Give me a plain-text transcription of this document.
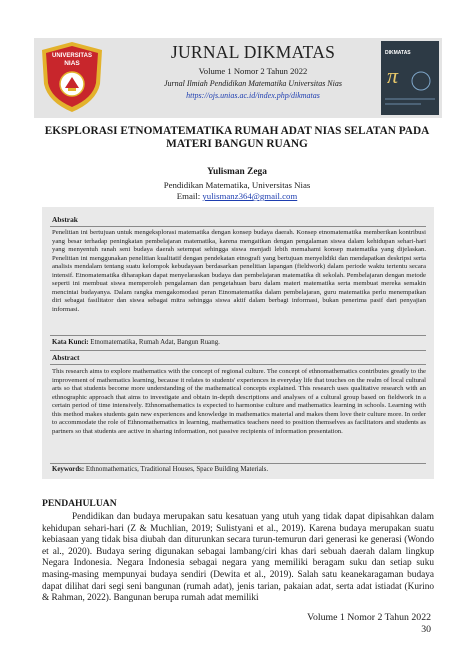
UNIVERSITAS
NIAS
JURNAL DIKMATAS
Volume 1 Nomor 2 Tahun 2022
Jurnal Ilmiah Pendidikan Matematika Universitas Nias
https://ojs.unias.ac.id/index.php/dikmatas
DIKMATAS
π
EKSPLORASI ETNOMATEMATIKA RUMAH ADAT NIAS SELATAN PADA MATERI BANGUN RUANG
Yulisman Zega
Pendidikan Matematika, Universitas Nias
Email: yulismanz364@gmail.com
Abstrak
Penelitian ini bertujuan untuk mengeksplorasi matematika dengan konsep budaya daerah. Konsep etnomatematika memberikan kontribusi yang besar terhadap peningkatan pembelajaran matematika, karena mengaitkan dengan pengalaman siswa dalam kehidupan sehari-hari yang menyentuh ranah seni budaya daerah setempat sehingga siswa menjadi lebih memahami konsep matematika yang dijelaskan. Penelitian ini menggunakan penelitian kualitatif dengan pendekatan etnografi yang bertujuan menyelidiki dan mendapatkan deskripsi serta analisis mendalam tentang suatu kelompok kebudayaan berdasarkan penelitian lapangan (fieldwork) dalam periode waktu tertentu secara intensif. Etnomatematika diharapkan dapat menyelaraskan budaya dan pembelajaran matematika di sekolah. Pembelajaran dengan metode seperti ini membuat siswa memperoleh pengalaman dan pengetahuan baru dalam materi matematika serta membuat mereka semakin mencintai budayanya. Dalam rangka mengakomodasi peran Etnomatematika dalam pembelajaran, guru matematika perlu menempatkan diri sebagai fasilitator dan siswa sebagai mitra sehingga siswa aktif dalam berbagi informasi, bukan penerima pasif dari penyajian informasi.
Kata Kunci: Etnomatematika, Rumah Adat, Bangun Ruang.
Abstract
This research aims to explore mathematics with the concept of regional culture. The concept of ethnomathematics contributes greatly to the improvement of mathematics learning, because it relates to students' experiences in everyday life that touches on the realm of local cultural arts so that students become more understanding of the mathematical concepts explained. This research uses qualitative research with an ethnographic approach that aims to investigate and obtain in-depth descriptions and analyses of a cultural group based on fieldwork in a certain period of time intensively. Ethnomathematics is expected to harmonise culture and mathematics learning in schools. Learning with this method makes students gain new experiences and knowledge in mathematics material and makes them love their culture more. In order to accommodate the role of Ethnomathematics in learning, mathematics teachers need to position themselves as facilitators and students as partners so that students are active in sharing information, not passive recipients of information presentation.
Keywords: Ethnomathematics, Traditional Houses, Space Building Materials.
PENDAHULUAN
Pendidikan dan budaya merupakan satu kesatuan yang utuh yang tidak dapat dipisahkan dalam kehidupan sehari-hari (Z & Muchlian, 2019; Sulistyani et al., 2019). Karena budaya merupakan suatu kebiasaan yang tidak bisa diubah dan diturunkan secara turun-temurun dari generasi ke generasi (Wondo et al., 2020). Budaya sering digunakan sebagai lambang/ciri khas dari sebuah daerah dalam lingkup Negara Indonesia. Negara Indonesia sebagai negara yang memiliki beragam suku dan setiap suku masing-masing mempunyai budaya sendiri (Dewita et al., 2019). Salah satu keanekaragaman budaya dapat dilihat dari segi seni bangunan (rumah adat), jenis tarian, pakaian adat, serta adat istiadat (Kurino & Rahman, 2022). Bangunan berupa rumah adat memiliki
Volume 1 Nomor 2 Tahun 2022
30
